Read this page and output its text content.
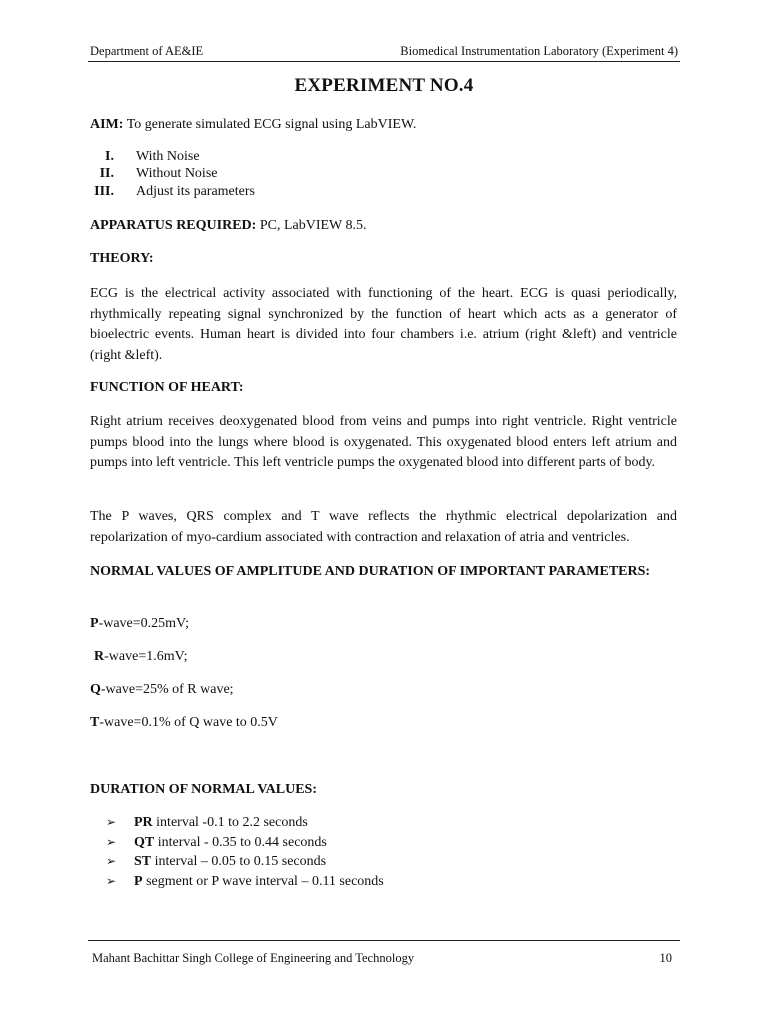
Department of AE&IE	Biomedical Instrumentation Laboratory (Experiment 4)
EXPERIMENT NO.4
AIM: To generate simulated ECG signal using LabVIEW.
I. With Noise
II. Without Noise
III. Adjust its parameters
APPARATUS REQUIRED: PC, LabVIEW 8.5.
THEORY:
ECG is the electrical activity associated with functioning of the heart. ECG is quasi periodically, rhythmically repeating signal synchronized by the function of heart which acts as a generator of bioelectric events. Human heart is divided into four chambers i.e. atrium (right &left) and ventricle (right &left).
FUNCTION OF HEART:
Right atrium receives deoxygenated blood from veins and pumps into right ventricle. Right ventricle pumps blood into the lungs where blood is oxygenated. This oxygenated blood enters left atrium and pumps into left ventricle. This left ventricle pumps the oxygenated blood into different parts of body.
The P waves, QRS complex and T wave reflects the rhythmic electrical depolarization and repolarization of myo-cardium associated with contraction and relaxation of atria and ventricles.
NORMAL VALUES OF AMPLITUDE AND DURATION OF IMPORTANT PARAMETERS:
P-wave=0.25mV;
R-wave=1.6mV;
Q-wave=25% of R wave;
T-wave=0.1% of Q wave to 0.5V
DURATION OF NORMAL VALUES:
➢ PR interval -0.1 to 2.2 seconds
➢ QT interval - 0.35 to 0.44 seconds
➢ ST interval – 0.05 to 0.15 seconds
➢ P segment or P wave interval – 0.11 seconds
Mahant Bachittar Singh College of Engineering and Technology	10
